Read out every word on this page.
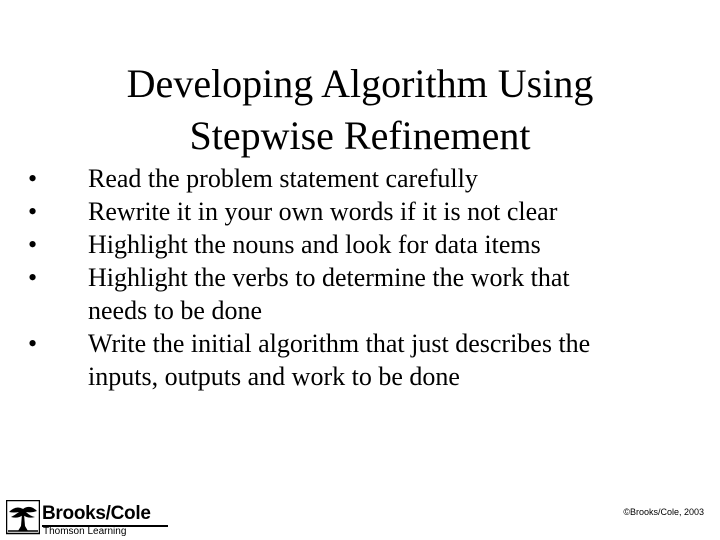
Developing Algorithm Using
Stepwise Refinement
• Read the problem statement carefully
• Rewrite it in your own words if it is not clear
• Highlight the nouns and look for data items
• Highlight the verbs to determine the work that
needs to be done
• Write the initial algorithm that just describes the
inputs, outputs and work to be done
Brooks/Cole
Thomson Learning
©Brooks/Cole, 2003
